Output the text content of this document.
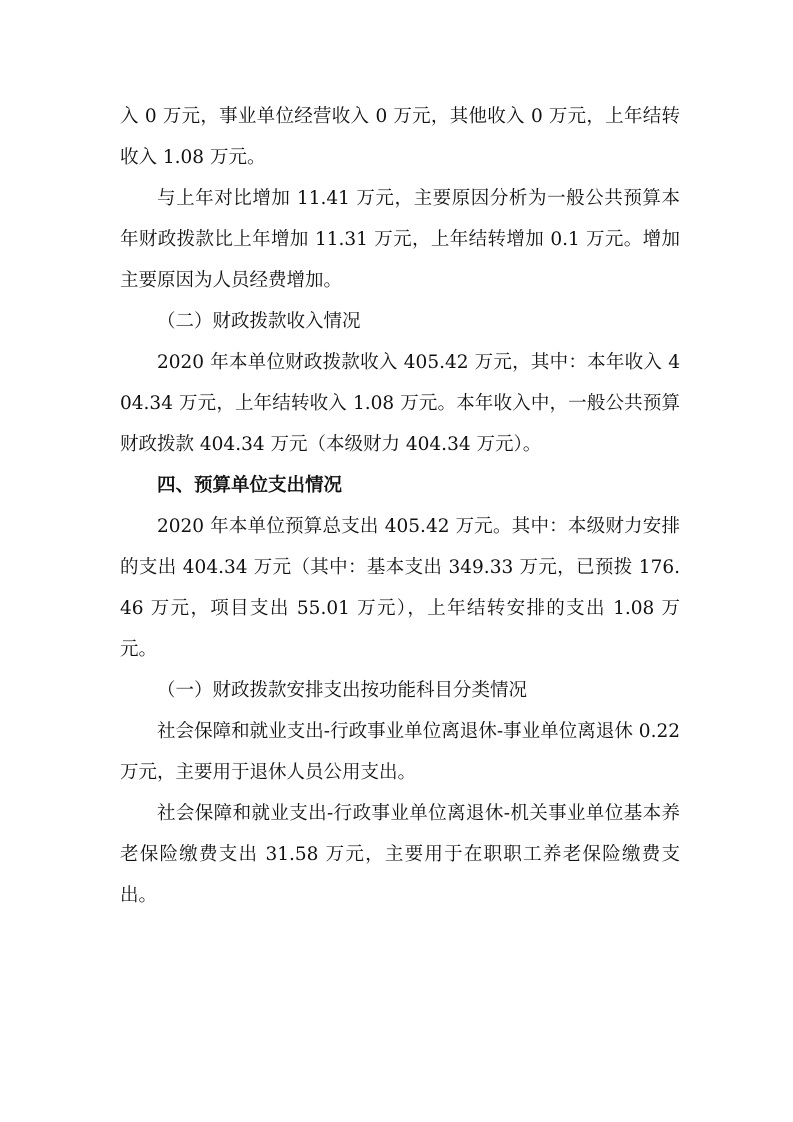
入 0 万元，事业单位经营收入 0 万元，其他收入 0 万元，上年结转收入 1.08 万元。

与上年对比增加 11.41 万元，主要原因分析为一般公共预算本年财政拨款比上年增加 11.31 万元，上年结转增加 0.1 万元。增加主要原因为人员经费增加。

（二）财政拨款收入情况

2020 年本单位财政拨款收入 405.42 万元，其中：本年收入 404.34 万元，上年结转收入 1.08 万元。本年收入中，一般公共预算财政拨款 404.34 万元（本级财力 404.34 万元）。

四、预算单位支出情况

2020 年本单位预算总支出 405.42 万元。其中：本级财力安排的支出 404.34 万元（其中：基本支出 349.33 万元，已预拨 176.46 万元，项目支出 55.01 万元），上年结转安排的支出 1.08 万元。

（一）财政拨款安排支出按功能科目分类情况

社会保障和就业支出-行政事业单位离退休-事业单位离退休 0.22 万元，主要用于退休人员公用支出。

社会保障和就业支出-行政事业单位离退休-机关事业单位基本养老保险缴费支出 31.58 万元，主要用于在职职工养老保险缴费支出。
